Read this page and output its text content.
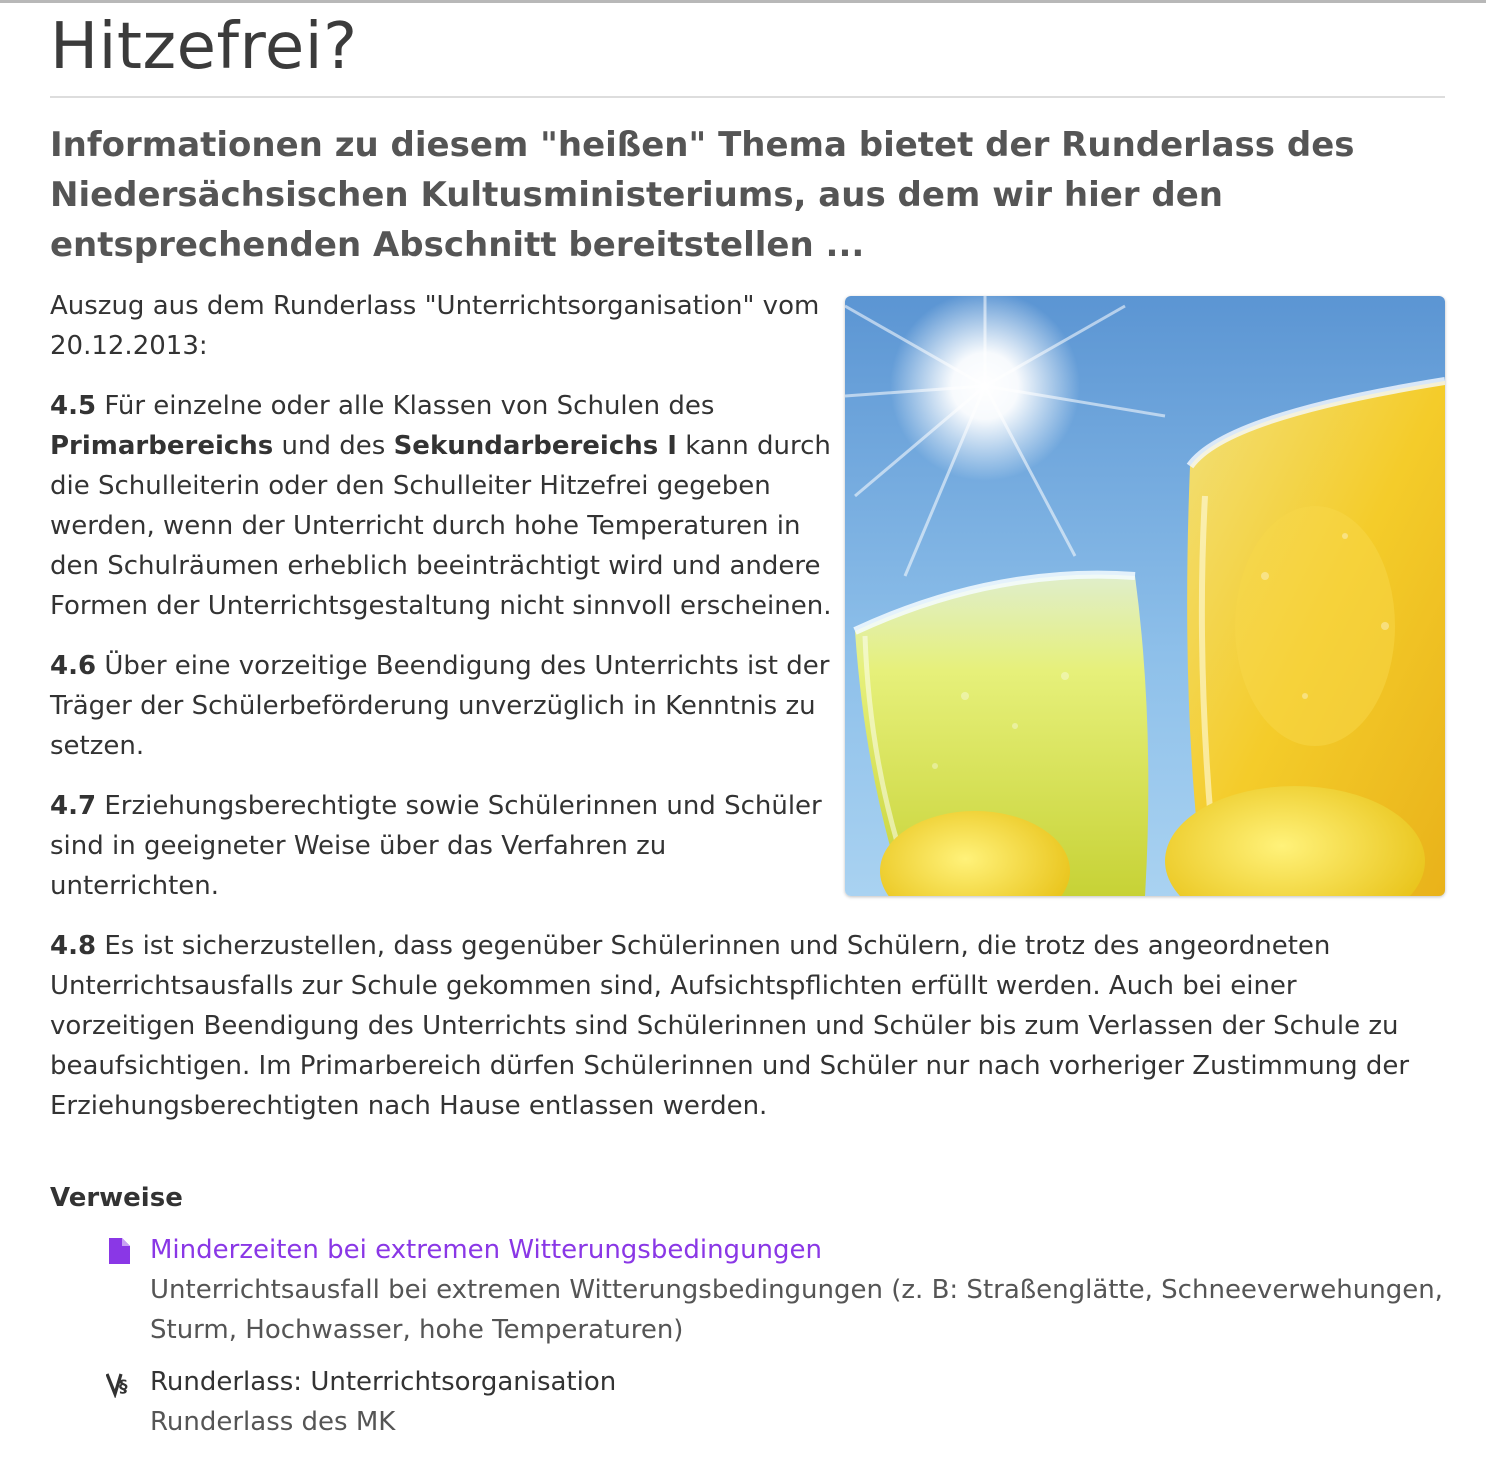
Hitzefrei?

Informationen zu diesem "heißen" Thema bietet der Runderlass des Niedersächsischen Kultusministeriums, aus dem wir hier den entsprechenden Abschnitt bereitstellen ...

Auszug aus dem Runderlass "Unterrichtsorganisation" vom 20.12.2013:

4.5 Für einzelne oder alle Klassen von Schulen des Primarbereichs und des Sekundarbereichs I kann durch die Schulleiterin oder den Schulleiter Hitzefrei gegeben werden, wenn der Unterricht durch hohe Temperaturen in den Schulräumen erheblich beeinträchtigt wird und andere Formen der Unterrichtsgestaltung nicht sinnvoll erscheinen.

4.6 Über eine vorzeitige Beendigung des Unterrichts ist der Träger der Schülerbeförderung unverzüglich in Kenntnis zu setzen.

4.7 Erziehungsberechtigte sowie Schülerinnen und Schüler sind in geeigneter Weise über das Verfahren zu unterrichten.

4.8 Es ist sicherzustellen, dass gegenüber Schülerinnen und Schülern, die trotz des angeordneten Unterrichtsausfalls zur Schule gekommen sind, Aufsichtspflichten erfüllt werden. Auch bei einer vorzeitigen Beendigung des Unterrichts sind Schülerinnen und Schüler bis zum Verlassen der Schule zu beaufsichtigen. Im Primarbereich dürfen Schülerinnen und Schüler nur nach vorheriger Zustimmung der Erziehungsberechtigten nach Hause entlassen werden.

Verweise
Minderzeiten bei extremen Witterungsbedingungen
Unterrichtsausfall bei extremen Witterungsbedingungen (z. B: Straßenglätte, Schneeverwehungen, Sturm, Hochwasser, hohe Temperaturen)
§ Runderlass: Unterrichtsorganisation
Runderlass des MK
